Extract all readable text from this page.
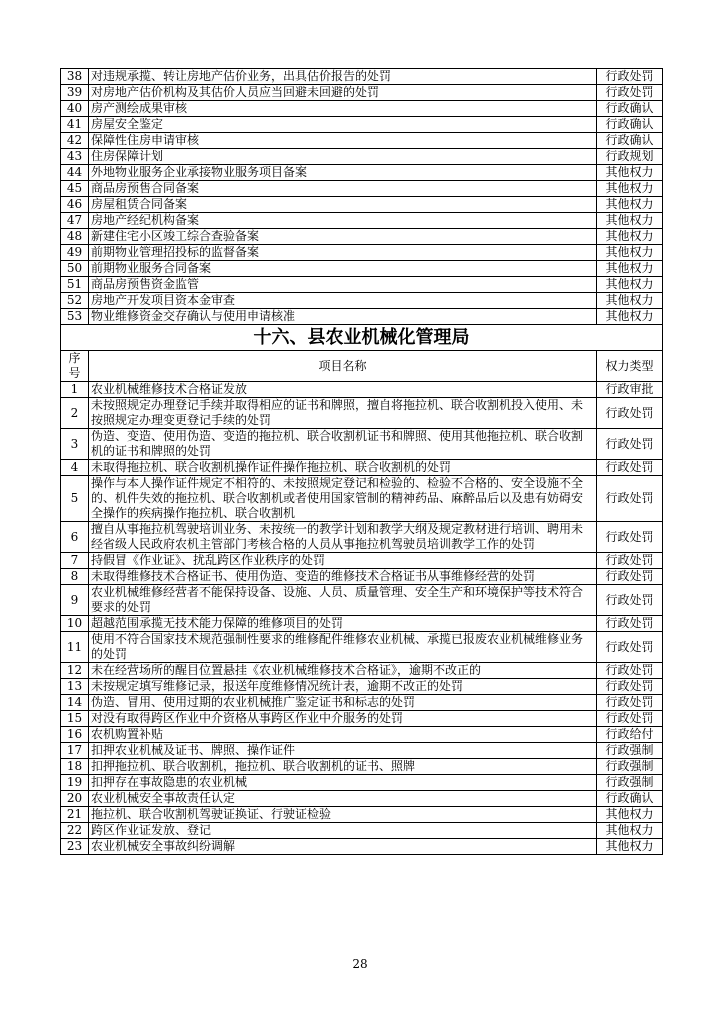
38	对违规承揽、转让房地产估价业务，出具估价报告的处罚	行政处罚
39	对房地产估价机构及其估价人员应当回避未回避的处罚	行政处罚
40	房产测绘成果审核	行政确认
41	房屋安全鉴定	行政确认
42	保障性住房申请审核	行政确认
43	住房保障计划	行政规划
44	外地物业服务企业承接物业服务项目备案	其他权力
45	商品房预售合同备案	其他权力
46	房屋租赁合同备案	其他权力
47	房地产经纪机构备案	其他权力
48	新建住宅小区竣工综合查验备案	其他权力
49	前期物业管理招投标的监督备案	其他权力
50	前期物业服务合同备案	其他权力
51	商品房预售资金监管	其他权力
52	房地产开发项目资本金审查	其他权力
53	物业维修资金交存确认与使用申请核准	其他权力
十六、县农业机械化管理局		
序号	项目名称	权力类型
1	农业机械维修技术合格证发放	行政审批
2	未按照规定办理登记手续并取得相应的证书和牌照，擅自将拖拉机、联合收割机投入使用、未按照规定办理变更登记手续的处罚	行政处罚
3	伪造、变造、使用伪造、变造的拖拉机、联合收割机证书和牌照、使用其他拖拉机、联合收割机的证书和牌照的处罚	行政处罚
4	未取得拖拉机、联合收割机操作证件操作拖拉机、联合收割机的处罚	行政处罚
5	操作与本人操作证件规定不相符的、未按照规定登记和检验的、检验不合格的、安全设施不全的、机件失效的拖拉机、联合收割机或者使用国家管制的精神药品、麻醉品后以及患有妨碍安全操作的疾病操作拖拉机、联合收割机	行政处罚
6	擅自从事拖拉机驾驶培训业务、未按统一的教学计划和教学大纲及规定教材进行培训、聘用未经省级人民政府农机主管部门考核合格的人员从事拖拉机驾驶员培训教学工作的处罚	行政处罚
7	持假冒《作业证》、扰乱跨区作业秩序的处罚	行政处罚
8	未取得维修技术合格证书、使用伪造、变造的维修技术合格证书从事维修经营的处罚	行政处罚
9	农业机械维修经营者不能保持设备、设施、人员、质量管理、安全生产和环境保护等技术符合要求的处罚	行政处罚
10	超越范围承揽无技术能力保障的维修项目的处罚	行政处罚
11	使用不符合国家技术规范强制性要求的维修配件维修农业机械、承揽已报废农业机械维修业务的处罚	行政处罚
12	未在经营场所的醒目位置悬挂《农业机械维修技术合格证》，逾期不改正的	行政处罚
13	未按规定填写维修记录，报送年度维修情况统计表，逾期不改正的处罚	行政处罚
14	伪造、冒用、使用过期的农业机械推广鉴定证书和标志的处罚	行政处罚
15	对没有取得跨区作业中介资格从事跨区作业中介服务的处罚	行政处罚
16	农机购置补贴	行政给付
17	扣押农业机械及证书、牌照、操作证件	行政强制
18	扣押拖拉机、联合收割机，拖拉机、联合收割机的证书、照牌	行政强制
19	扣押存在事故隐患的农业机械	行政强制
20	农业机械安全事故责任认定	行政确认
21	拖拉机、联合收割机驾驶证换证、行驶证检验	其他权力
22	跨区作业证发放、登记	其他权力
23	农业机械安全事故纠纷调解	其他权力
28
